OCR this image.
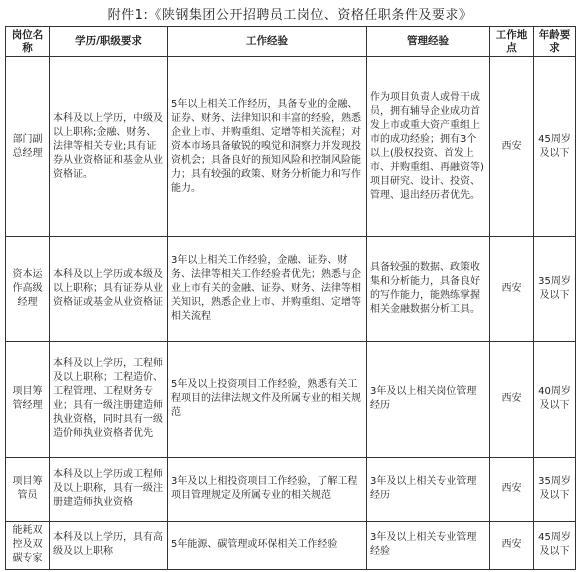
附件1:《陕钢集团公开招聘员工岗位、资格任职条件及要求》
岗位名称	学历/职级要求	工作经验	管理经验	工作地点	年龄要求
部门副总经理	本科及以上学历，中级及以上职称;金融、财务、法律等相关专业;具有证券从业资格证和基金从业资格证。	5年以上相关工作经历，具备专业的金融、证券、财务、法律知识和丰富的经验，熟悉企业上市、并购重组、定增等相关流程；对资本市场具备敏锐的嗅觉和洞察力并发现投资机会；具备良好的预知风险和控制风险能力；具有较强的政策、财务分析能力和写作能力。	作为项目负责人或骨干成员，拥有辅导企业成功首发上市或重大资产重组上市的成功经验；拥有3个以上(股权投资、首发上市、并购重组、再融资等)项目研究、设计、投资、管理、退出经历者优先。	西安	45周岁及以下
资本运作高级经理	本科及以上学历或本级及以上职称；具有证券从业资格证或基金从业资格证	3年以上相关工作经验，金融、证券、财务、法律等相关工作经验者优先；熟悉与企业上市有关的金融、证券、财务、法律等相关知识，熟悉企业上市、并购重组、定增等相关流程	具备较强的数据、政策收集和分析能力，具备良好的写作能力，能熟练掌握相关金融数据分析工具。	西安	35周岁及以下
项目筹管经理	本科及以上学历，工程师及以上职称；工程造价、工程管理、工程财务专业；具有一级注册建造师执业资格，同时具有一级造价师执业资格者优先	5年及以上投资项目工作经验，熟悉有关工程项目的法律法规文件及所属专业的相关规范	3年及以上相关岗位管理经历	西安	40周岁及以下
项目筹管员	本科及以上学历或工程师及以上职称，具有一级注册建造师执业资格	3年及以上相投资项目工作经验，了解工程项目管理规定及所属专业的相关规范	3年及以上相关专业管理经历	西安	35周岁及以下
能耗双控及双碳专家	本科及以上学历，具有高级及以上职称	5年能源、碳管理或环保相关工作经验	3年及以上相关专业管理经验	西安	45周岁及以下
